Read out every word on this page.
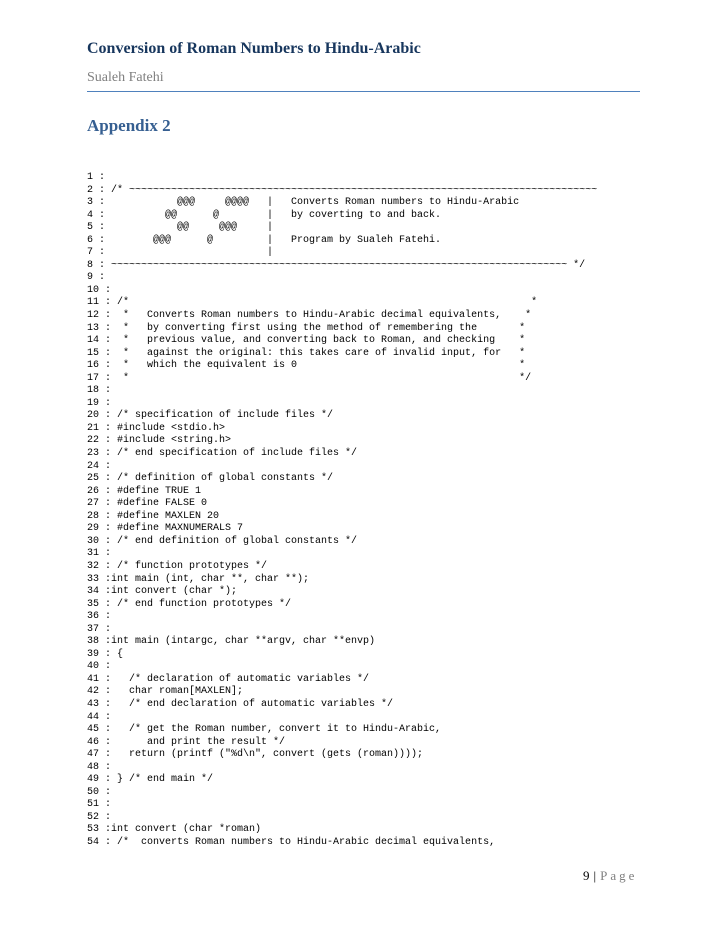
Conversion of Roman Numbers to Hindu-Arabic
Sualeh Fatehi
Appendix 2
1 :
2 : /* ~~~~~~~~~~~~~~~~~~~~~~~~~~~~~~~~~~~~~~~~~~~~~~~~~~~~~~~~~~~~~~~~~~~~~~~~~~~~~~
3 :            @@@     @@@@   |   Converts Roman numbers to Hindu-Arabic
4 :          @@      @        |   by coverting to and back.
5 :            @@     @@@     |
6 :        @@@      @         |   Program by Sualeh Fatehi.
7 :                           |
8 : ~~~~~~~~~~~~~~~~~~~~~~~~~~~~~~~~~~~~~~~~~~~~~~~~~~~~~~~~~~~~~~~~~~~~~~~~~~~~ */
9 :
10 :
11 : /*                                                                   *
12 :  *   Converts Roman numbers to Hindu-Arabic decimal equivalents,    *
13 :  *   by converting first using the method of remembering the       *
14 :  *   previous value, and converting back to Roman, and checking    *
15 :  *   against the original: this takes care of invalid input, for   *
16 :  *   which the equivalent is 0                                     *
17 :  *                                                                 */
18 :
19 :
20 : /* specification of include files */
21 : #include <stdio.h>
22 : #include <string.h>
23 : /* end specification of include files */
24 :
25 : /* definition of global constants */
26 : #define TRUE 1
27 : #define FALSE 0
28 : #define MAXLEN 20
29 : #define MAXNUMERALS 7
30 : /* end definition of global constants */
31 :
32 : /* function prototypes */
33 :int main (int, char **, char **);
34 :int convert (char *);
35 : /* end function prototypes */
36 :
37 :
38 :int main (intargc, char **argv, char **envp)
39 : {
40 :
41 :   /* declaration of automatic variables */
42 :   char roman[MAXLEN];
43 :   /* end declaration of automatic variables */
44 :
45 :   /* get the Roman number, convert it to Hindu-Arabic,
46 :      and print the result */
47 :   return (printf ("%d\n", convert (gets (roman))));
48 :
49 : } /* end main */
50 :
51 :
52 :
53 :int convert (char *roman)
54 : /*  converts Roman numbers to Hindu-Arabic decimal equivalents,
9 | Page
